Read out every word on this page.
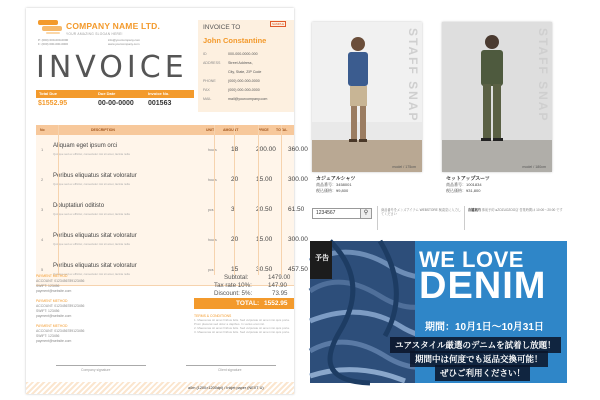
COMPANY NAME LTD.
YOUR AMAZING SLOGAN HERE!
P: (000) 000-000-0000
F: (000) 000-000-0000
info@yourcompany.com
www.yourcompany.com
INVOICE
Total Due	Due Date	Invoice No.
$1552.95	00-00-0000 001563
INVOICE TO	SAMPLE
John Constantine
ID	000-000-0000-000
ADDRESS Street Address,
City, State, ZIP Code
PHONE	(000) 000-000-0000
FAX	(000) 000-000-0000
MAIL	mail@yourcompany.com
No	DESCRIPTION	UNIT	AMOUNT	PRICE TOTAL
1
Aliquam eget ipsum orci
Quisque sed ex efficitur, consectetur nisi sit amet, lacinia nulla
hours 18	200.00 360.00
2
Peribus eliquatus sitat voloratur
Quisque sed ex efficitur, consectetur nisi sit amet, lacinia nulla
hours 20	15.00 300.00
3
Doluptatiuri oditisto
Quisque sed ex efficitur, consectetur nisi sit amet, lacinia nulla
pcs	3	20.50 61.50
4
Peribus eliquatus sitat voloratur
Quisque sed ex efficitur, consectetur nisi sit amet, lacinia nulla
hours 20	15.00 300.00
5
Peribus eliquatus sitat voloratur
Quisque sed ex efficitur, consectetur nisi sit amet, lacinia nulla
pcs	15	30.50 457.50
PAYMENT METHOD
ACCOUNT: 0123456789123456
SWIFT: 123456
payment@website.com
PAYMENT METHOD
ACCOUNT: 0123456789123456
SWIFT: 123456
payment@website.com
PAYMENT METHOD
ACCOUNT: 0123456789123456
SWIFT: 123456
payment@website.com
Subtotal:	1479.00
Tax rate 10%:	147.90
Discount: 5%:	73.95
TOTAL: 1552.95
TERMS & CONDITIONS
1. Maecenas sit amet finibus felis. Sed vulputate sit amet nisi quis porta.
Proin placerat sed dolor a dapibus. In varius erat nisl.
2. Maecenas sit amet finibus felis. Sed vulputate sit amet nisi quis porta.
3. Maecenas sit amet finibus felis. Sed vulputate sit amet nisi quis porta.
Company signature	Client signature
a0m (1200×1200dpi) / Inkjet paper (NEXT U)
STAFF SNAP
model / 175cm
STAFF SNAP
model / 180cm
カジュアルシャツ
商品番号：3458001
税込価格：¥9,800
セットアップスーツ
商品番号：1001834
税込価格：¥31,800
1234567	⚲	商品番号をメンズアイテム WEBSTORE 検索窓に入力してください
店舗案内 事前予約 ●ZOZUOZOO店 営業時間は 10:00〜20:00 です
予告	WE LOVE
DENIM
期間：10月1日〜10月31日
ユアスタイル厳選のデニムを試着し放題！
期間中は何度でも返品交換可能！
ぜひご利用ください！
